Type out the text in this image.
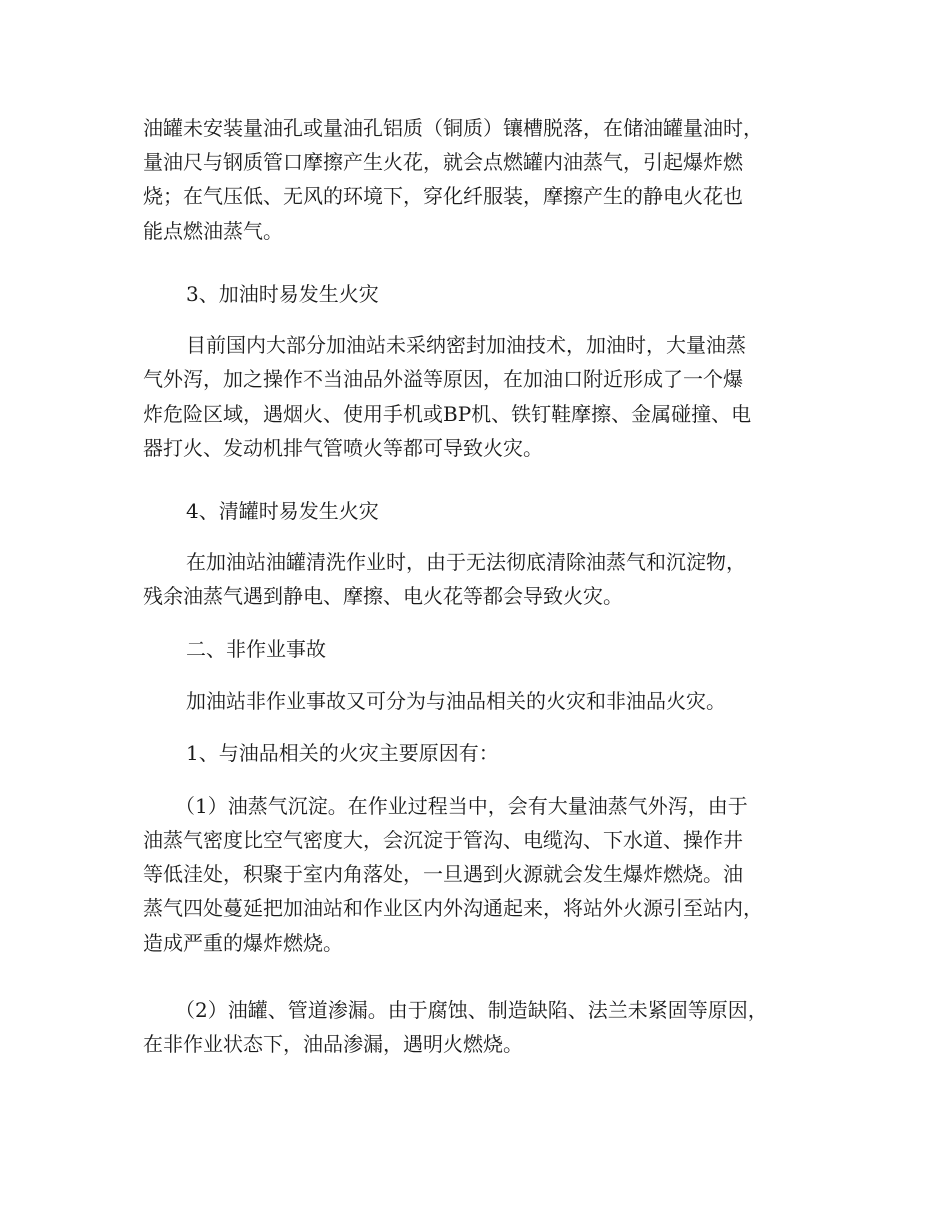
油罐未安装量油孔或量油孔铝质（铜质）镶槽脱落，在储油罐量油时，
量油尺与钢质管口摩擦产生火花，就会点燃罐内油蒸气，引起爆炸燃
烧；在气压低、无风的环境下，穿化纤服装，摩擦产生的静电火花也
能点燃油蒸气。
3、加油时易发生火灾
目前国内大部分加油站未采纳密封加油技术，加油时，大量油蒸
气外泻，加之操作不当油品外溢等原因，在加油口附近形成了一个爆
炸危险区域，遇烟火、使用手机或BP机、铁钉鞋摩擦、金属碰撞、电
器打火、发动机排气管喷火等都可导致火灾。
4、清罐时易发生火灾
在加油站油罐清洗作业时，由于无法彻底清除油蒸气和沉淀物，
残余油蒸气遇到静电、摩擦、电火花等都会导致火灾。
二、非作业事故
加油站非作业事故又可分为与油品相关的火灾和非油品火灾。
1、与油品相关的火灾主要原因有：
（1）油蒸气沉淀。在作业过程当中，会有大量油蒸气外泻，由于
油蒸气密度比空气密度大，会沉淀于管沟、电缆沟、下水道、操作井
等低洼处，积聚于室内角落处，一旦遇到火源就会发生爆炸燃烧。油
蒸气四处蔓延把加油站和作业区内外沟通起来，将站外火源引至站内，
造成严重的爆炸燃烧。
（2）油罐、管道渗漏。由于腐蚀、制造缺陷、法兰未紧固等原因，
在非作业状态下，油品渗漏，遇明火燃烧。
